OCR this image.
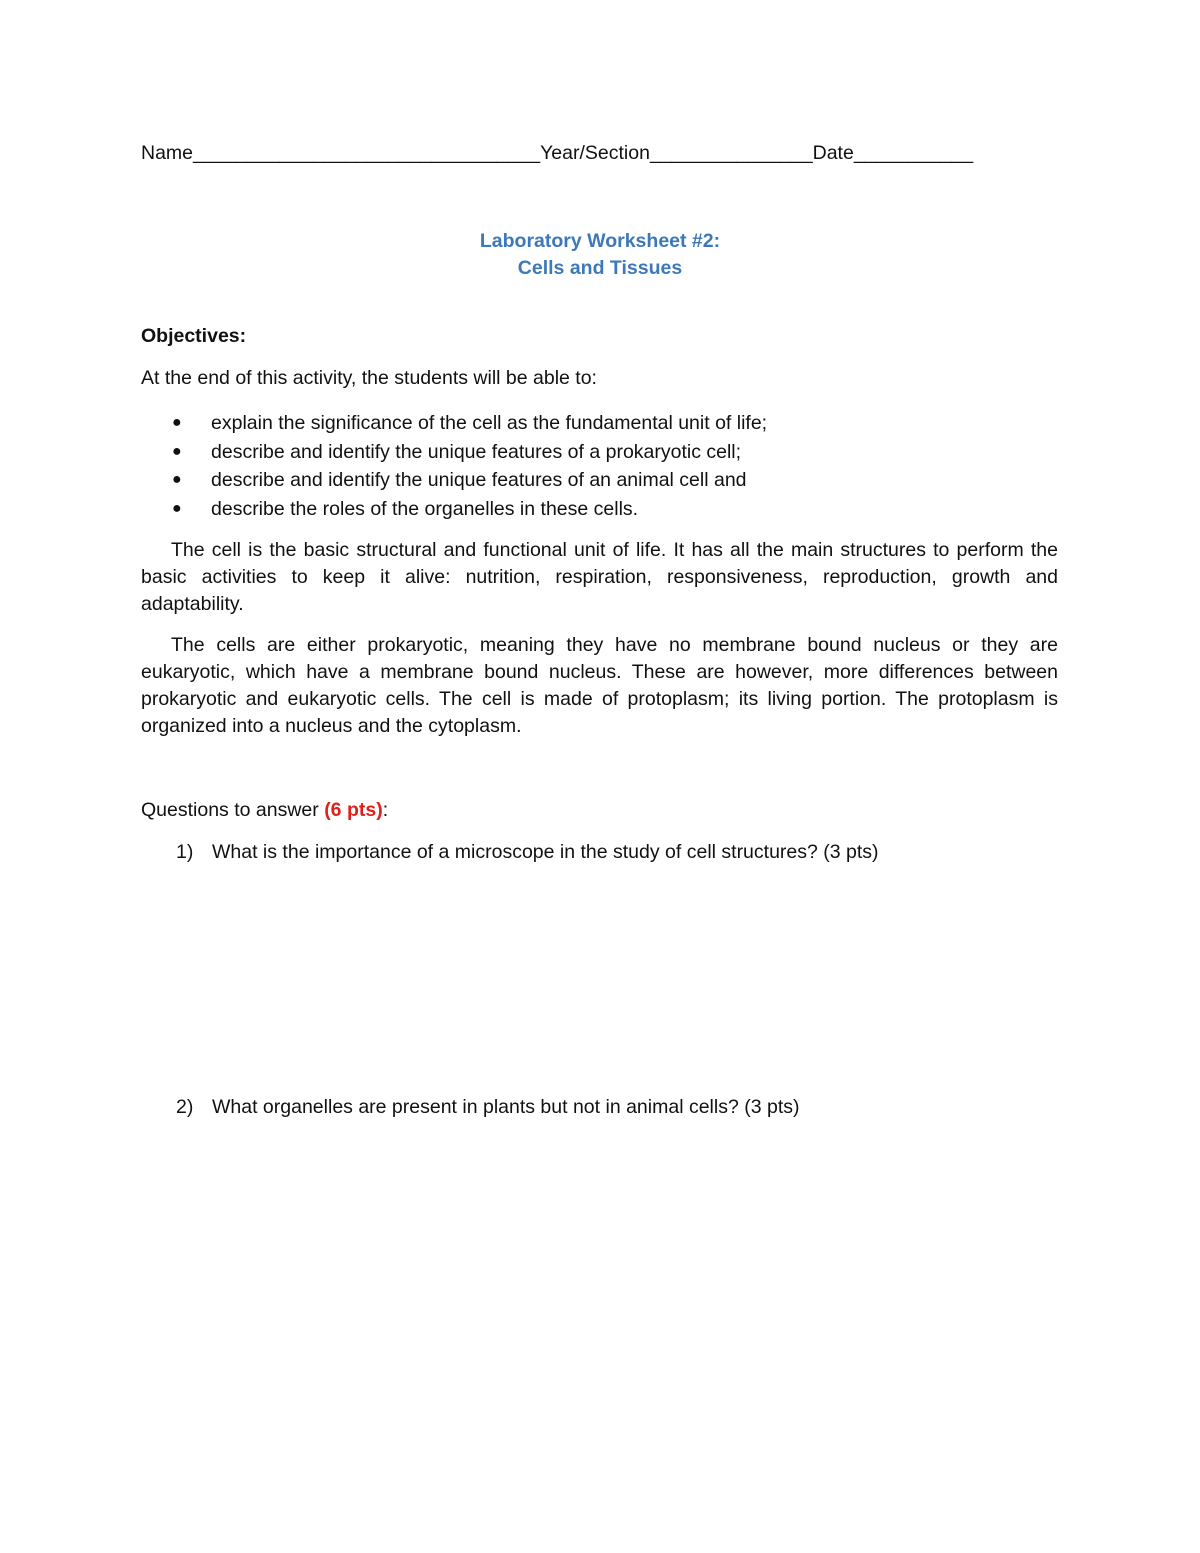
Name________________________________Year/Section_______________Date___________
Laboratory Worksheet #2:
Cells and Tissues
Objectives:
At the end of this activity, the students will be able to:
● explain the significance of the cell as the fundamental unit of life;
● describe and identify the unique features of a prokaryotic cell;
● describe and identify the unique features of an animal cell and
● describe the roles of the organelles in these cells.
The cell is the basic structural and functional unit of life. It has all the main structures to perform the basic activities to keep it alive: nutrition, respiration, responsiveness, reproduction, growth and adaptability.
The cells are either prokaryotic, meaning they have no membrane bound nucleus or they are eukaryotic, which have a membrane bound nucleus. These are however, more differences between prokaryotic and eukaryotic cells. The cell is made of protoplasm; its living portion. The protoplasm is organized into a nucleus and the cytoplasm.
Questions to answer (6 pts):
1) What is the importance of a microscope in the study of cell structures? (3 pts)
2) What organelles are present in plants but not in animal cells? (3 pts)
